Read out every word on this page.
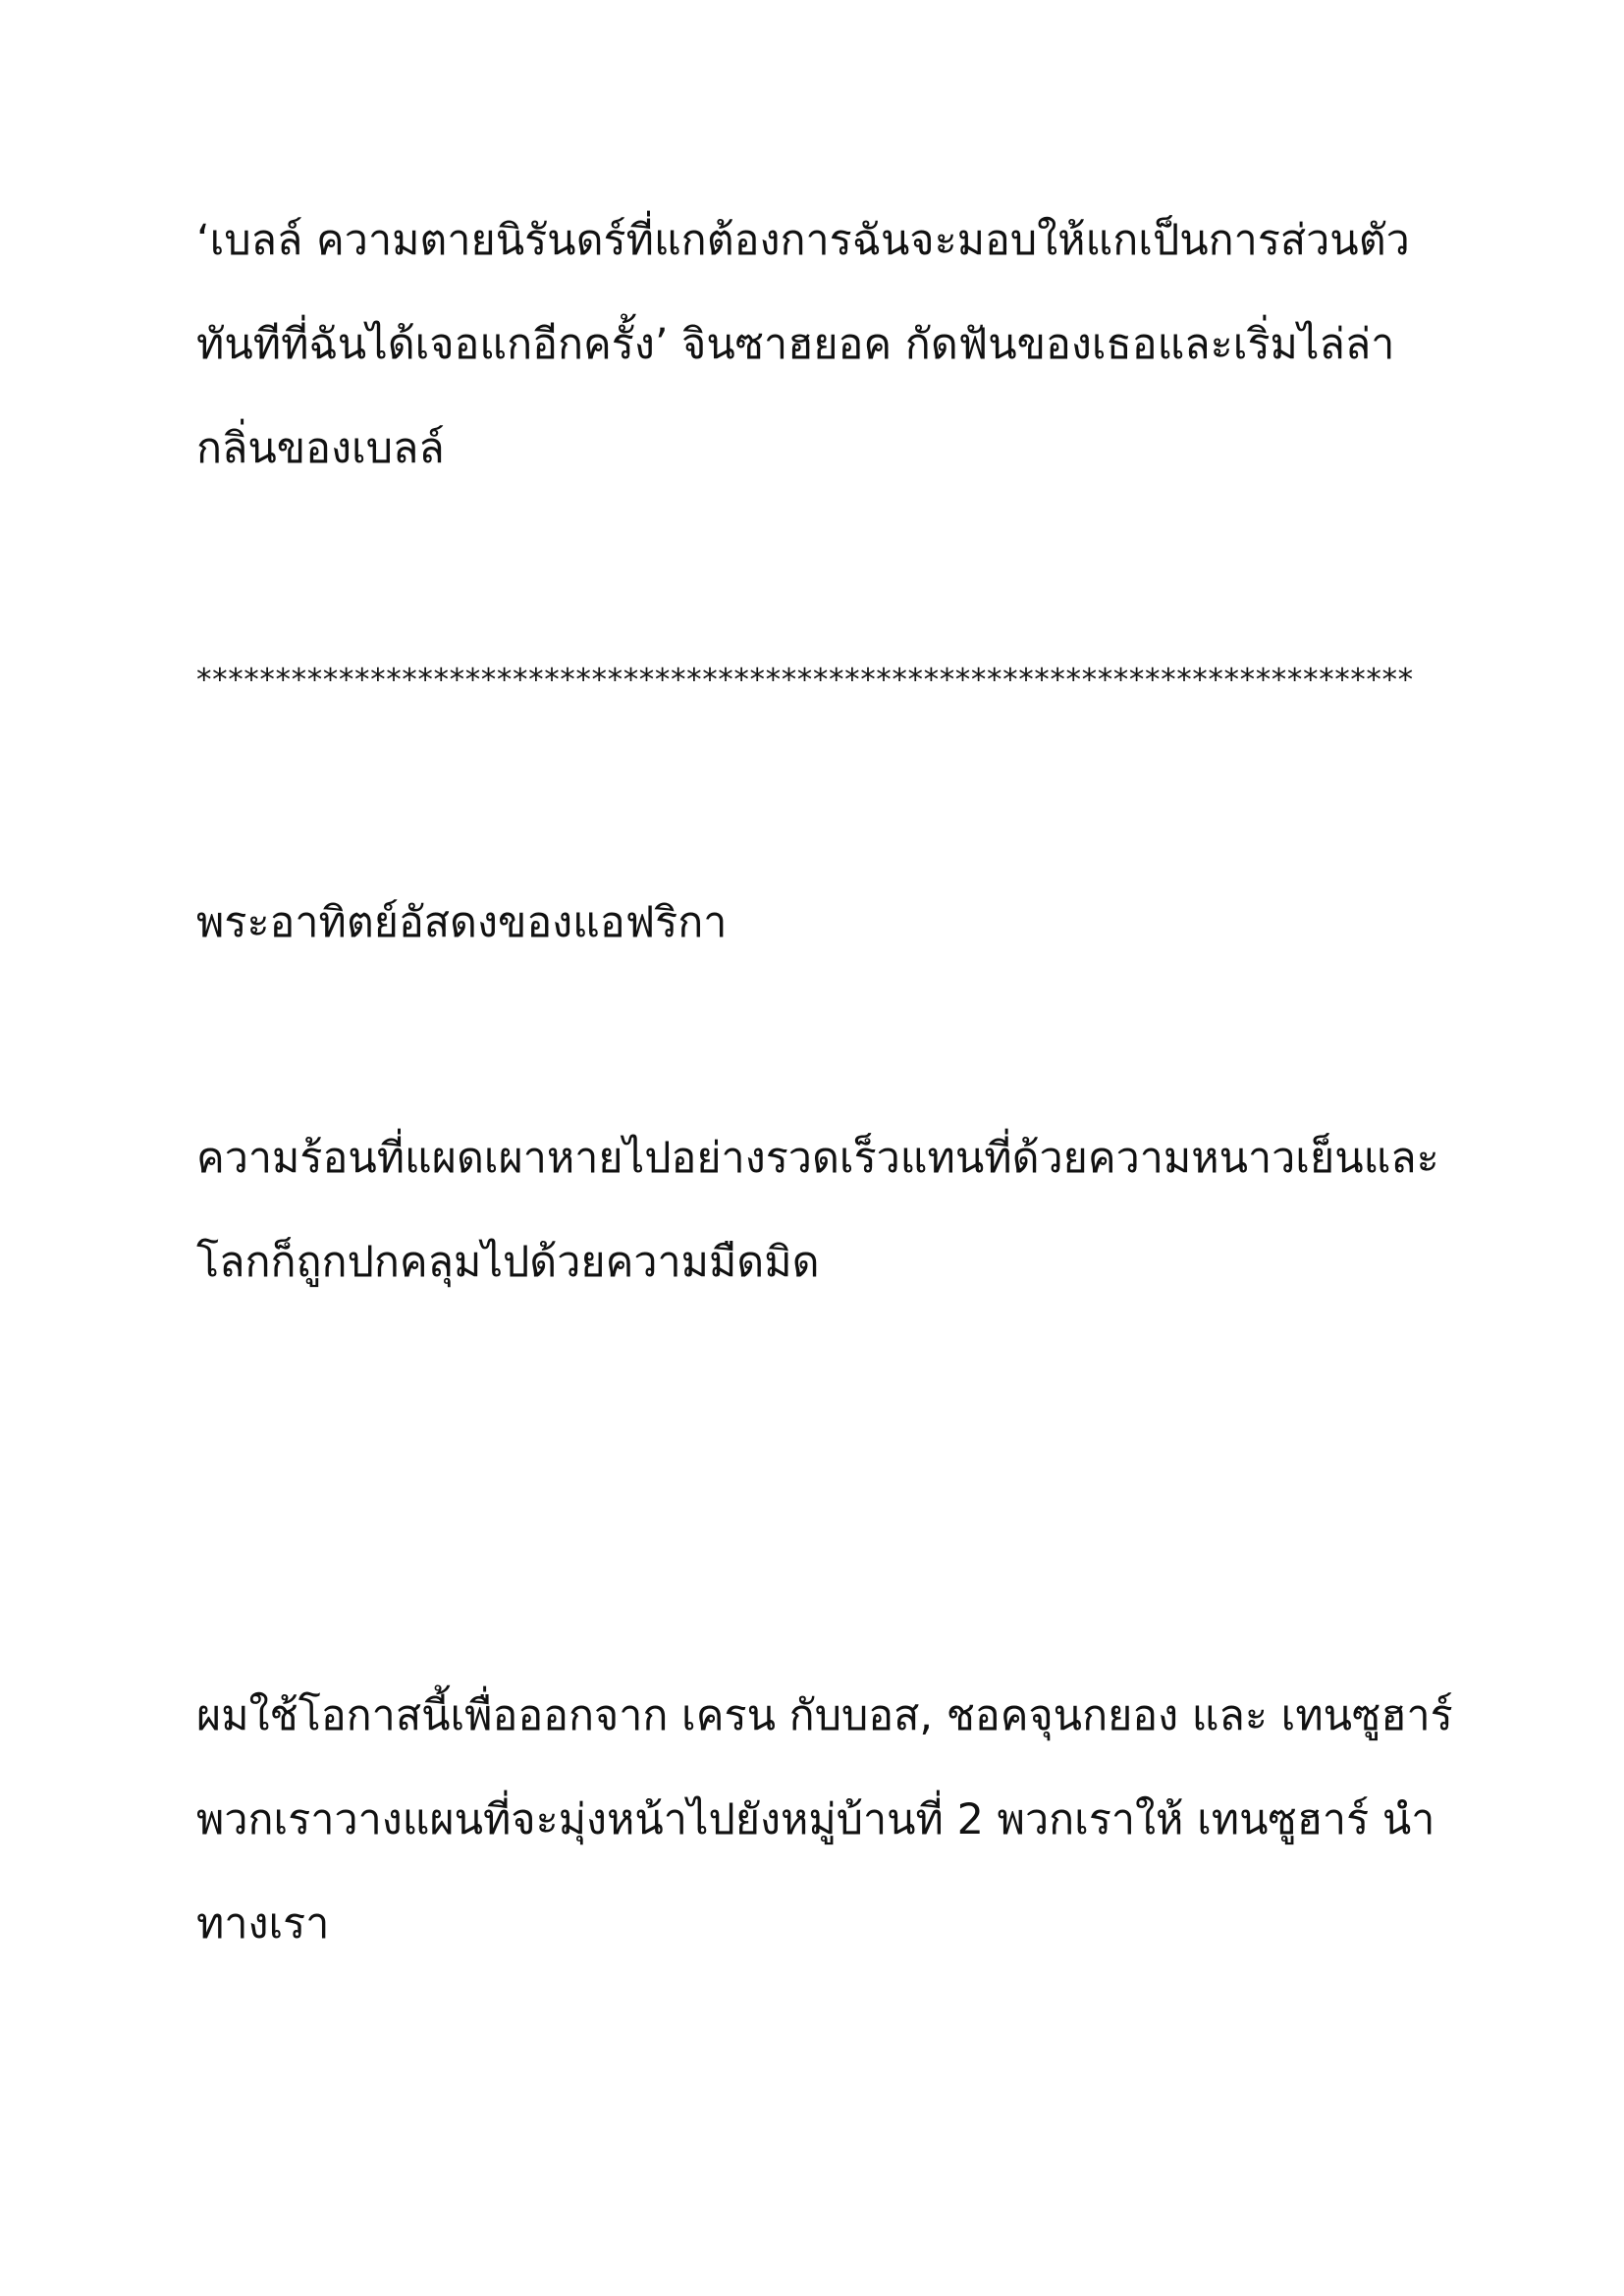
‘เบลล์ ความตายนิรันดร์ที่แกต้องการฉันจะมอบให้แกเป็นการส่วนตัว
ทันทีที่ฉันได้เจอแกอีกครั้ง’ จินซาฮยอค กัดฟันของเธอและเริ่มไล่ล่า
กลิ่นของเบลล์
*****************************************************************************
พระอาทิตย์อัสดงของแอฟริกา
ความร้อนที่แผดเผาหายไปอย่างรวดเร็วแทนที่ด้วยความหนาวเย็นและ
โลกก็ถูกปกคลุมไปด้วยความมืดมิด
ผมใช้โอกาสนี้เพื่อออกจาก เครน กับบอส, ชอคจุนกยอง และ เทนซูฮาร์
พวกเราวางแผนที่จะมุ่งหน้าไปยังหมู่บ้านที่ 2 พวกเราให้ เทนซูฮาร์ นำ
ทางเรา
